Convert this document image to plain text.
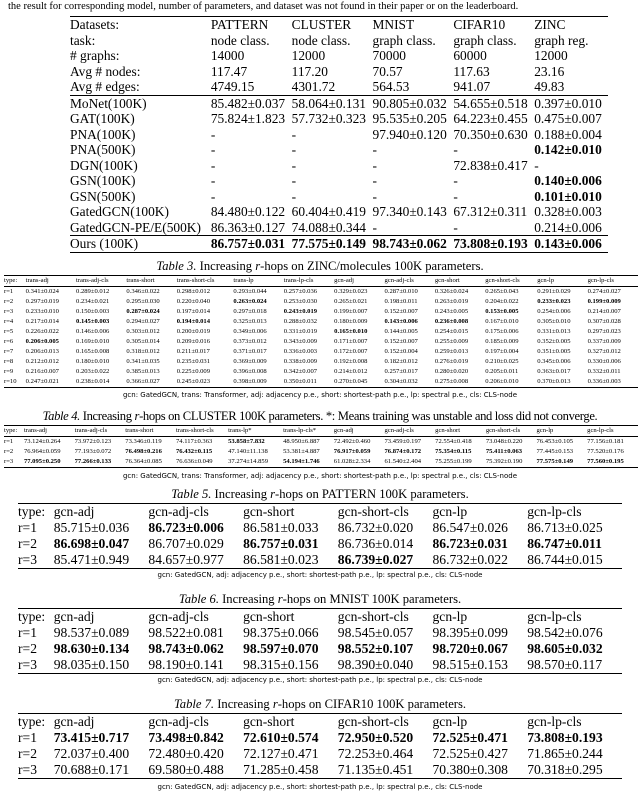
the result for corresponding model, number of parameters, and dataset was not found in their paper or on the leaderboard.
Datasets:	PATTERN	CLUSTER	MNIST	CIFAR10	ZINC
task:	node class.	node class.	graph class.	graph class.	graph reg.
# graphs:	14000	12000	70000	60000	12000
Avg # nodes:	117.47	117.20	70.57	117.63	23.16
Avg # edges:	4749.15	4301.72	564.53	941.07	49.83
MoNet(100K)	85.482±0.037	58.064±0.131	90.805±0.032	54.655±0.518	0.397±0.010
GAT(100K)	75.824±1.823	57.732±0.323	95.535±0.205	64.223±0.455	0.475±0.007
PNA(100K)	-	-	97.940±0.120	70.350±0.630	0.188±0.004
PNA(500K)	-	-	-	-	0.142±0.010
DGN(100K)	-	-	-	72.838±0.417	-
GSN(100K)	-	-	-	-	0.140±0.006
GSN(500K)	-	-	-	-	0.101±0.010
GatedGCN(100K)	84.480±0.122	60.404±0.419	97.340±0.143	67.312±0.311	0.328±0.003
GatedGCN-PE/E(500K)	86.363±0.127	74.088±0.344	-	-	0.214±0.006
Ours (100K)	86.757±0.031	77.575±0.149	98.743±0.062	73.808±0.193	0.143±0.006
Table 3. Increasing r-hops on ZINC/molecules 100K parameters.
type:	trans-adj	trans-adj-cls	trans-short	trans-short-cls	trans-lp	trans-lp-cls	gcn-adj	gcn-adj-cls	gcn-short	gcn-short-cls	gcn-lp	gcn-lp-cls
r=1	0.341±0.024	0.289±0.012	0.346±0.022	0.298±0.012	0.293±0.044	0.257±0.036	0.329±0.023	0.287±0.010	0.326±0.024	0.265±0.043	0.291±0.029	0.274±0.027
r=2	0.297±0.019	0.234±0.021	0.295±0.030	0.220±0.040	0.263±0.024	0.253±0.030	0.265±0.021	0.198±0.011	0.263±0.019	0.204±0.022	0.233±0.023	0.199±0.009
r=3	0.233±0.010	0.150±0.003	0.287±0.024	0.197±0.014	0.297±0.018	0.243±0.019	0.199±0.007	0.152±0.007	0.243±0.005	0.153±0.005	0.254±0.006	0.214±0.007
r=4	0.217±0.014	0.145±0.003	0.294±0.027	0.194±0.014	0.325±0.013	0.288±0.032	0.180±0.009	0.143±0.006	0.236±0.008	0.167±0.010	0.305±0.010	0.307±0.028
r=5	0.226±0.022	0.146±0.006	0.303±0.012	0.200±0.019	0.349±0.006	0.331±0.019	0.165±0.010	0.144±0.005	0.254±0.015	0.175±0.006	0.331±0.013	0.297±0.023
r=6	0.206±0.005	0.169±0.010	0.305±0.014	0.209±0.016	0.373±0.012	0.343±0.009	0.171±0.007	0.152±0.007	0.255±0.009	0.185±0.009	0.352±0.005	0.337±0.009
r=7	0.206±0.013	0.165±0.008	0.318±0.012	0.211±0.017	0.371±0.017	0.336±0.003	0.172±0.007	0.152±0.004	0.259±0.013	0.197±0.004	0.351±0.005	0.327±0.012
r=8	0.212±0.012	0.180±0.010	0.341±0.035	0.235±0.031	0.369±0.009	0.338±0.009	0.192±0.008	0.182±0.012	0.276±0.019	0.210±0.025	0.345±0.006	0.330±0.006
r=9	0.216±0.007	0.203±0.022	0.385±0.013	0.225±0.009	0.396±0.008	0.342±0.007	0.214±0.012	0.257±0.017	0.280±0.020	0.205±0.011	0.363±0.017	0.332±0.011
r=10	0.247±0.021	0.238±0.014	0.366±0.027	0.245±0.023	0.398±0.009	0.350±0.011	0.270±0.045	0.304±0.032	0.275±0.008	0.206±0.010	0.370±0.013	0.336±0.003
gcn: GatedGCN, trans: Transformer, adj: adjacency p.e., short: shortest-path p.e., lp: spectral p.e., cls: CLS-node
Table 4. Increasing r-hops on CLUSTER 100K parameters. *: Means training was unstable and loss did not converge.
type:	trans-adj	trans-adj-cls	trans-short	trans-short-cls	trans-lp*	trans-lp-cls*	gcn-adj	gcn-adj-cls	gcn-short	gcn-short-cls	gcn-lp	gcn-lp-cls
r=1	73.124±0.264	73.972±0.123	73.346±0.119	74.117±0.363	53.858±7.832	48.950±6.887	72.492±0.460	73.459±0.197	72.554±0.418	73.048±0.220	76.453±0.105	77.156±0.181
r=2	76.964±0.059	77.193±0.072	76.498±0.216	76.432±0.115	47.140±11.138	53.381±4.887	76.917±0.059	76.874±0.172	75.354±0.115	75.411±0.063	77.445±0.153	77.520±0.176
r=3	77.095±0.250	77.266±0.133	76.364±0.085	76.636±0.049	37.274±14.859	54.194±1.746	61.028±2.334	61.540±2.404	75.255±0.199	75.392±0.190	77.575±0.149	77.560±0.195
gcn: GatedGCN, trans: Transformer, adj: adjacency p.e., short: shortest-path p.e., lp: spectral p.e., cls: CLS-node
Table 5. Increasing r-hops on PATTERN 100K parameters.
type:	gcn-adj	gcn-adj-cls	gcn-short	gcn-short-cls	gcn-lp	gcn-lp-cls
r=1	85.715±0.036	86.723±0.006	86.581±0.033	86.732±0.020	86.547±0.026	86.713±0.025
r=2	86.698±0.047	86.707±0.029	86.757±0.031	86.736±0.014	86.723±0.031	86.747±0.011
r=3	85.471±0.949	84.657±0.977	86.581±0.023	86.739±0.027	86.732±0.022	86.744±0.015
gcn: GatedGCN, adj: adjacency p.e., short: shortest-path p.e., lp: spectral p.e., cls: CLS-node
Table 6. Increasing r-hops on MNIST 100K parameters.
type:	gcn-adj	gcn-adj-cls	gcn-short	gcn-short-cls	gcn-lp	gcn-lp-cls
r=1	98.537±0.089	98.522±0.081	98.375±0.066	98.545±0.057	98.395±0.099	98.542±0.076
r=2	98.630±0.134	98.743±0.062	98.597±0.070	98.552±0.107	98.720±0.067	98.605±0.032
r=3	98.035±0.150	98.190±0.141	98.315±0.156	98.390±0.040	98.515±0.153	98.570±0.117
gcn: GatedGCN, adj: adjacency p.e., short: shortest-path p.e., lp: spectral p.e., cls: CLS-node
Table 7. Increasing r-hops on CIFAR10 100K parameters.
type:	gcn-adj	gcn-adj-cls	gcn-short	gcn-short-cls	gcn-lp	gcn-lp-cls
r=1	73.415±0.717	73.498±0.842	72.610±0.574	72.950±0.520	72.525±0.471	73.808±0.193
r=2	72.037±0.400	72.480±0.420	72.127±0.471	72.253±0.464	72.525±0.427	71.865±0.244
r=3	70.688±0.171	69.580±0.488	71.285±0.458	71.135±0.451	70.380±0.308	70.318±0.295
gcn: GatedGCN, adj: adjacency p.e., short: shortest-path p.e., lp: spectral p.e., cls: CLS-node
